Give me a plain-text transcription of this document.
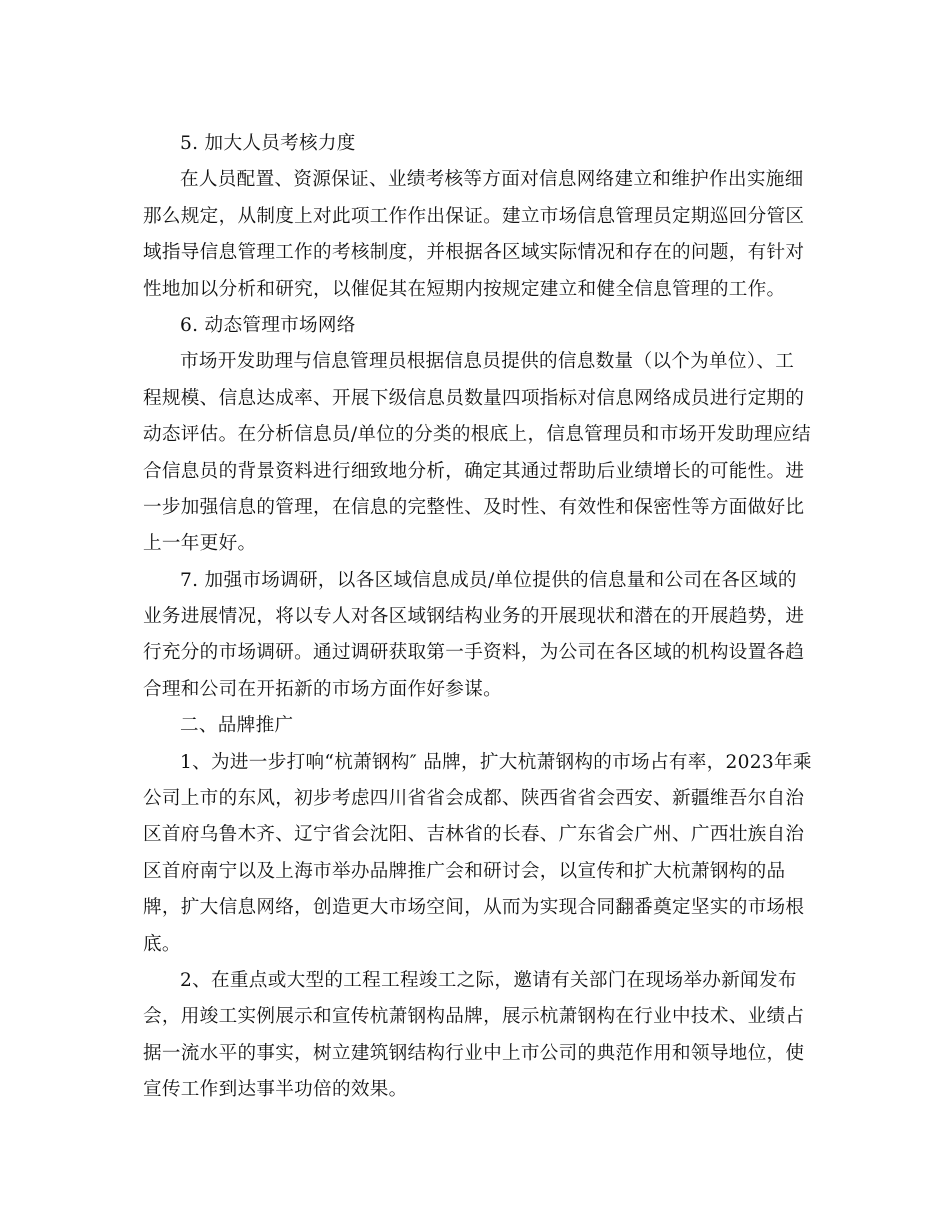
5. 加大人员考核力度
在人员配置、资源保证、业绩考核等方面对信息网络建立和维护作出实施细
那么规定，从制度上对此项工作作出保证。建立市场信息管理员定期巡回分管区
域指导信息管理工作的考核制度，并根据各区域实际情况和存在的问题，有针对
性地加以分析和研究，以催促其在短期内按规定建立和健全信息管理的工作。
6. 动态管理市场网络
市场开发助理与信息管理员根据信息员提供的信息数量（以个为单位）、工
程规模、信息达成率、开展下级信息员数量四项指标对信息网络成员进行定期的
动态评估。在分析信息员/单位的分类的根底上，信息管理员和市场开发助理应结
合信息员的背景资料进行细致地分析，确定其通过帮助后业绩增长的可能性。进
一步加强信息的管理，在信息的完整性、及时性、有效性和保密性等方面做好比
上一年更好。
7. 加强市场调研，以各区域信息成员/单位提供的信息量和公司在各区域的
业务进展情况，将以专人对各区域钢结构业务的开展现状和潜在的开展趋势，进
行充分的市场调研。通过调研获取第一手资料，为公司在各区域的机构设置各趋
合理和公司在开拓新的市场方面作好参谋。
二、品牌推广
1、为进一步打响“杭萧钢构″ 品牌，扩大杭萧钢构的市场占有率，2023年乘
公司上市的东风，初步考虑四川省省会成都、陕西省省会西安、新疆维吾尔自治
区首府乌鲁木齐、辽宁省会沈阳、吉林省的长春、广东省会广州、广西壮族自治
区首府南宁以及上海市举办品牌推广会和研讨会，以宣传和扩大杭萧钢构的品
牌，扩大信息网络，创造更大市场空间，从而为实现合同翻番奠定坚实的市场根
底。
2、在重点或大型的工程工程竣工之际，邀请有关部门在现场举办新闻发布
会，用竣工实例展示和宣传杭萧钢构品牌，展示杭萧钢构在行业中技术、业绩占
据一流水平的事实，树立建筑钢结构行业中上市公司的典范作用和领导地位，使
宣传工作到达事半功倍的效果。
